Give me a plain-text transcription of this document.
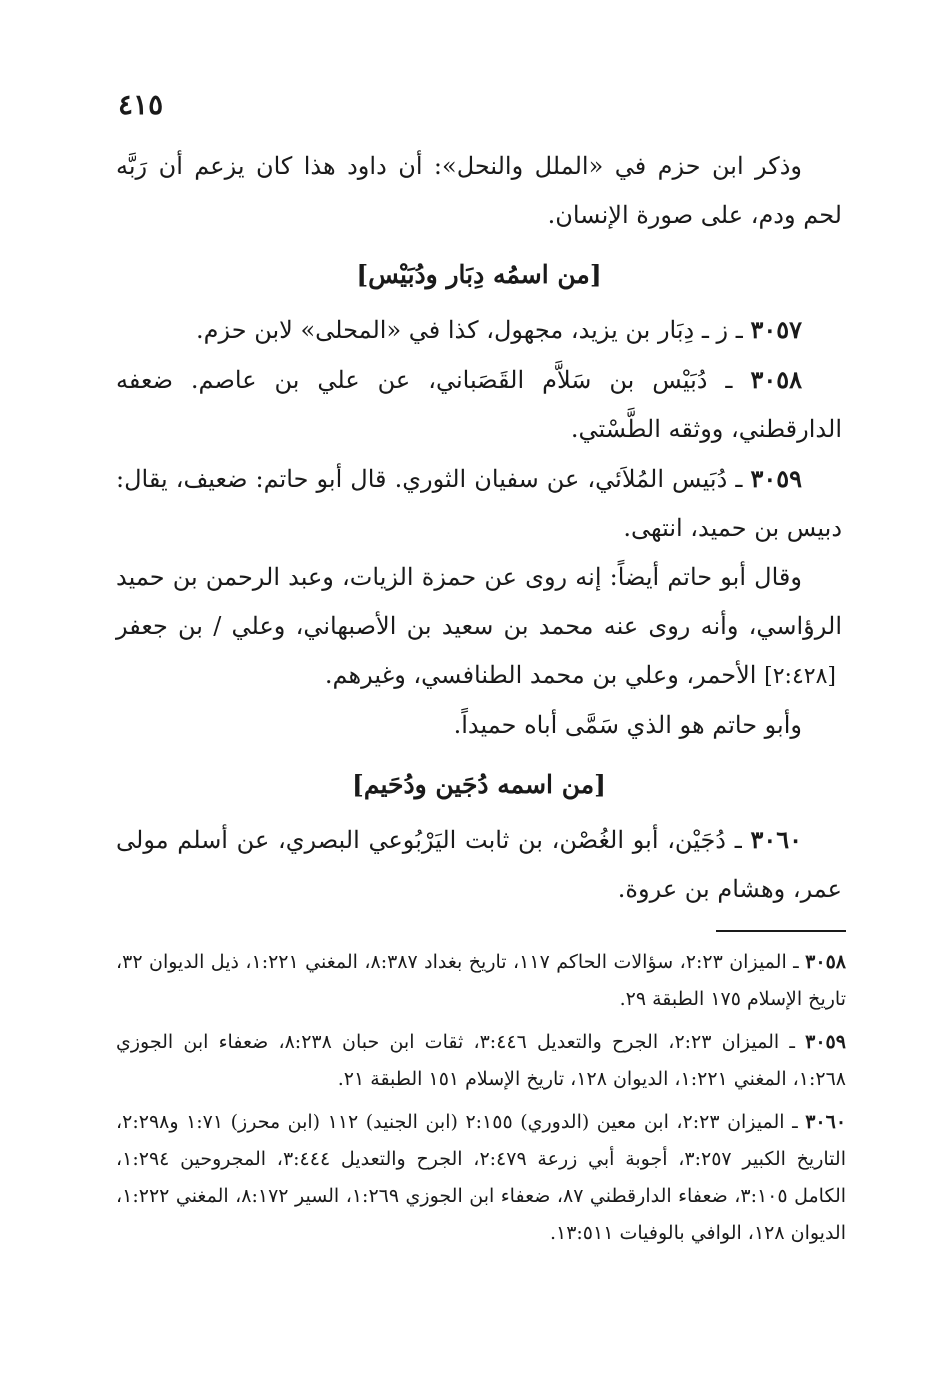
٤١٥

وذكر ابن حزم في «الملل والنحل»: أن داود هذا كان يزعم أن رَبَّه لحم ودم، على صورة الإنسان.

[من اسمُه دِبَار ودُبَيْس]

٣٠٥٧ ـ ز ـ دِبَار بن يزيد، مجهول، كذا في «المحلى» لابن حزم.

٣٠٥٨ ـ دُبَيْس بن سَلاَّم القَصَباني، عن علي بن عاصم. ضعفه الدارقطني، ووثقه الطَّسْتي.

٣٠٥٩ ـ دُبَيس المُلاَئي، عن سفيان الثوري. قال أبو حاتم: ضعيف، يقال: دبيس بن حميد، انتهى.

وقال أبو حاتم أيضاً: إنه روى عن حمزة الزيات، وعبد الرحمن بن حميد الرؤاسي، وأنه روى عنه محمد بن سعيد بن الأصبهاني، وعلي / بن جعفر [٢:٤٢٨] الأحمر، وعلي بن محمد الطنافسي، وغيرهم.

وأبو حاتم هو الذي سَمَّى أباه حميداً.

[من اسمه دُجَين ودُحَيم]

٣٠٦٠ ـ دُجَيْن، أبو الغُصْن، بن ثابت اليَرْبُوعي البصري، عن أسلم مولى عمر، وهشام بن عروة.

٣٠٥٨ ـ الميزان ٢:٢٣، سؤالات الحاكم ١١٧، تاريخ بغداد ٨:٣٨٧، المغني ١:٢٢١، ذيل الديوان ٣٢، تاريخ الإسلام ١٧٥ الطبقة ٢٩.

٣٠٥٩ ـ الميزان ٢:٢٣، الجرح والتعديل ٣:٤٤٦، ثقات ابن حبان ٨:٢٣٨، ضعفاء ابن الجوزي ١:٢٦٨، المغني ١:٢٢١، الديوان ١٢٨، تاريخ الإسلام ١٥١ الطبقة ٢١.

٣٠٦٠ ـ الميزان ٢:٢٣، ابن معين (الدوري) ٢:١٥٥ (ابن الجنيد) ١١٢ (ابن محرز) ١:٧١ و٢:٢٩٨، التاريخ الكبير ٣:٢٥٧، أجوبة أبي زرعة ٢:٤٧٩، الجرح والتعديل ٣:٤٤٤، المجروحين ١:٢٩٤، الكامل ٣:١٠٥، ضعفاء الدارقطني ٨٧، ضعفاء ابن الجوزي ١:٢٦٩، السير ٨:١٧٢، المغني ١:٢٢٢، الديوان ١٢٨، الوافي بالوفيات ١٣:٥١١.
